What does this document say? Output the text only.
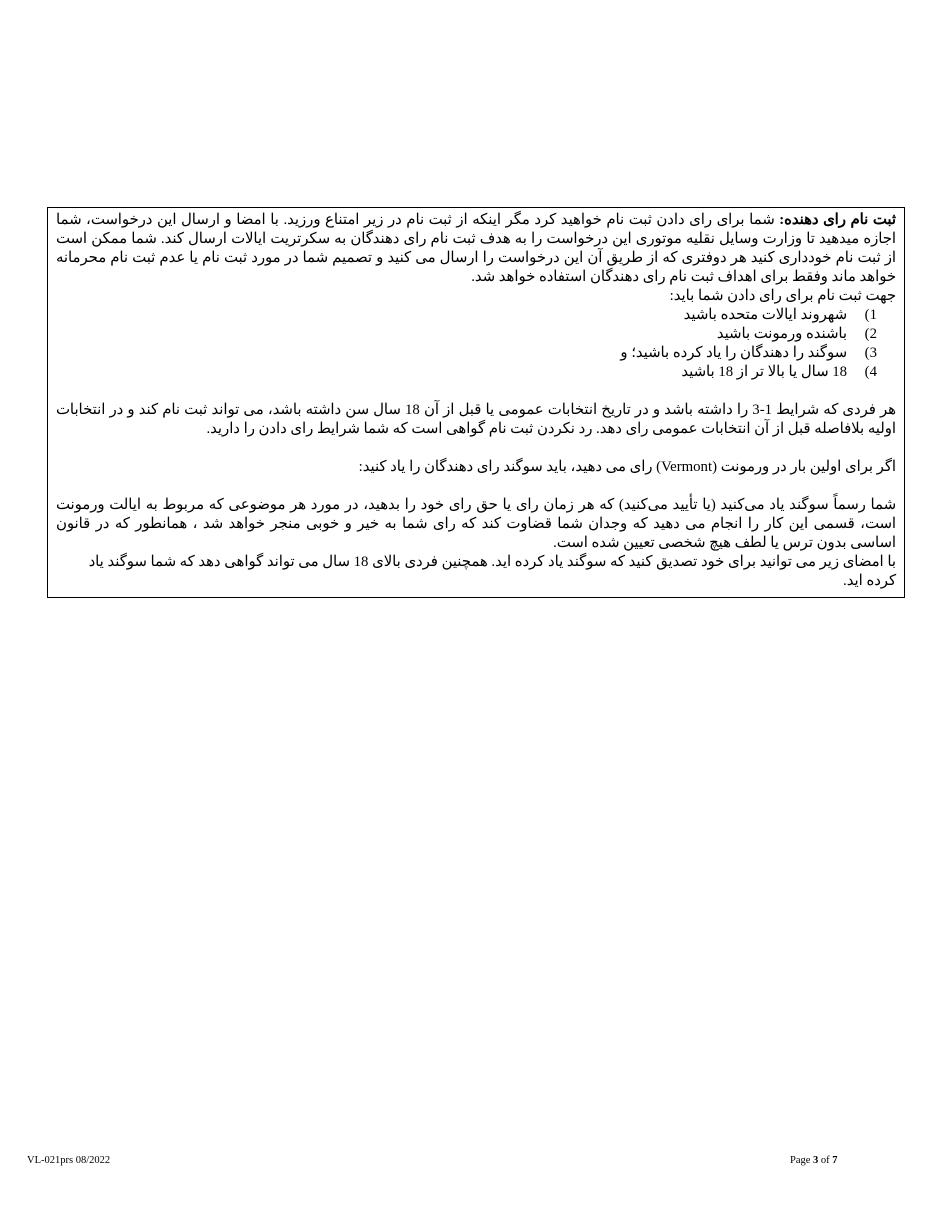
ثبت نام رای دهنده: شما برای رای دادن ثبت نام خواهید کرد مگر اینکه از ثبت نام در زیر امتناع ورزید. با امضا و ارسال این درخواست، شما اجازه میدهید تا وزارت وسایل نقلیه موتوری این درخواست را به هدف ثبت نام رای دهندگان به سکرتریت ایالات ارسال کند. شما ممکن است از ثبت نام خودداری کنید هر دوفتری که از طریق آن این درخواست را ارسال می کنید و تصمیم شما در مورد ثبت نام یا عدم ثبت نام محرمانه خواهد ماند وفقط برای اهداف ثبت نام رای دهندگان استفاده خواهد شد.

جهت ثبت نام برای رای دادن شما باید:

1)
شهروند ایالات متحده باشید
2)
باشنده ورمونت باشید
3)
سوگند را دهندگان را یاد کرده باشید؛ و
4)
18 سال یا بالا تر از 18 باشید

هر فردی که شرایط 1-3 را داشته باشد و در تاریخ انتخابات عمومی یا قبل از آن 18 سال سن داشته باشد، می تواند ثبت نام کند و در انتخابات اولیه بلافاصله قبل از آن انتخابات عمومی رای دهد. رد نکردن ثبت نام گواهی است که شما شرایط رای دادن را دارید.

اگر برای اولین بار در ورمونت (Vermont) رای می دهید، باید سوگند رای دهندگان را یاد کنید:

شما رسماً سوگند یاد می‌کنید (یا تأیید می‌کنید) که هر زمان رای یا حق رای خود را بدهید، در مورد هر موضوعی که مربوط به ایالت ورمونت است، قسمی این کار را انجام می دهید که وجدان شما قضاوت کند که رای شما به خیر و خوبی منجر خواهد شد ، همانطور که در قانون اساسی بدون ترس یا لطف هیچ شخصی تعیین شده است.

با امضای زیر می توانید برای خود تصدیق کنید که سوگند یاد کرده اید. همچنین فردی بالای 18 سال می تواند گواهی دهد که شما سوگند یاد کرده اید.

VL-021prs 08/2022	Page 3 of 7
